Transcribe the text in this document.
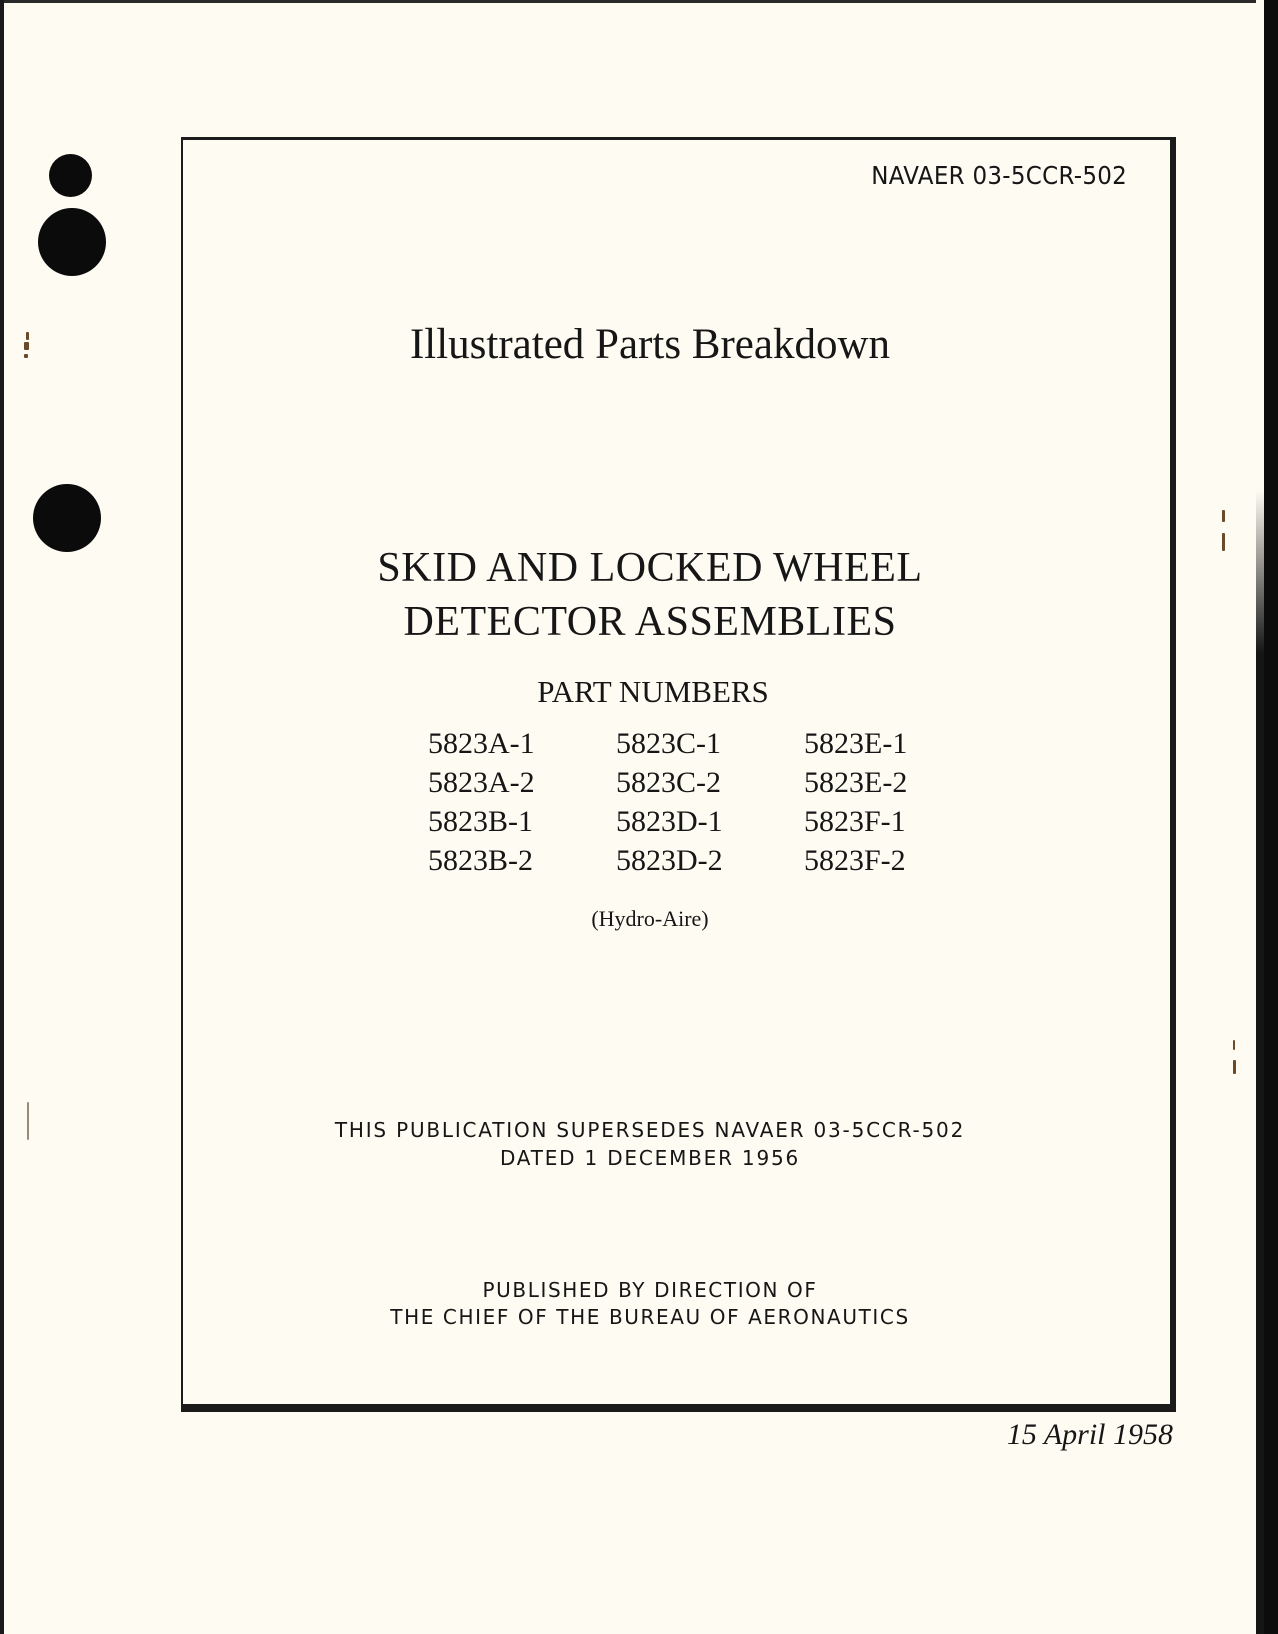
NAVAER 03-5CCR-502
Illustrated Parts Breakdown
SKID AND LOCKED WHEEL
DETECTOR ASSEMBLIES
PART NUMBERS
5823A-1	5823C-1	5823E-1
5823A-2	5823C-2	5823E-2
5823B-1	5823D-1	5823F-1
5823B-2	5823D-2	5823F-2
(Hydro-Aire)
THIS PUBLICATION SUPERSEDES NAVAER 03-5CCR-502
DATED 1 DECEMBER 1956
PUBLISHED BY DIRECTION OF
THE CHIEF OF THE BUREAU OF AERONAUTICS
15 April 1958
